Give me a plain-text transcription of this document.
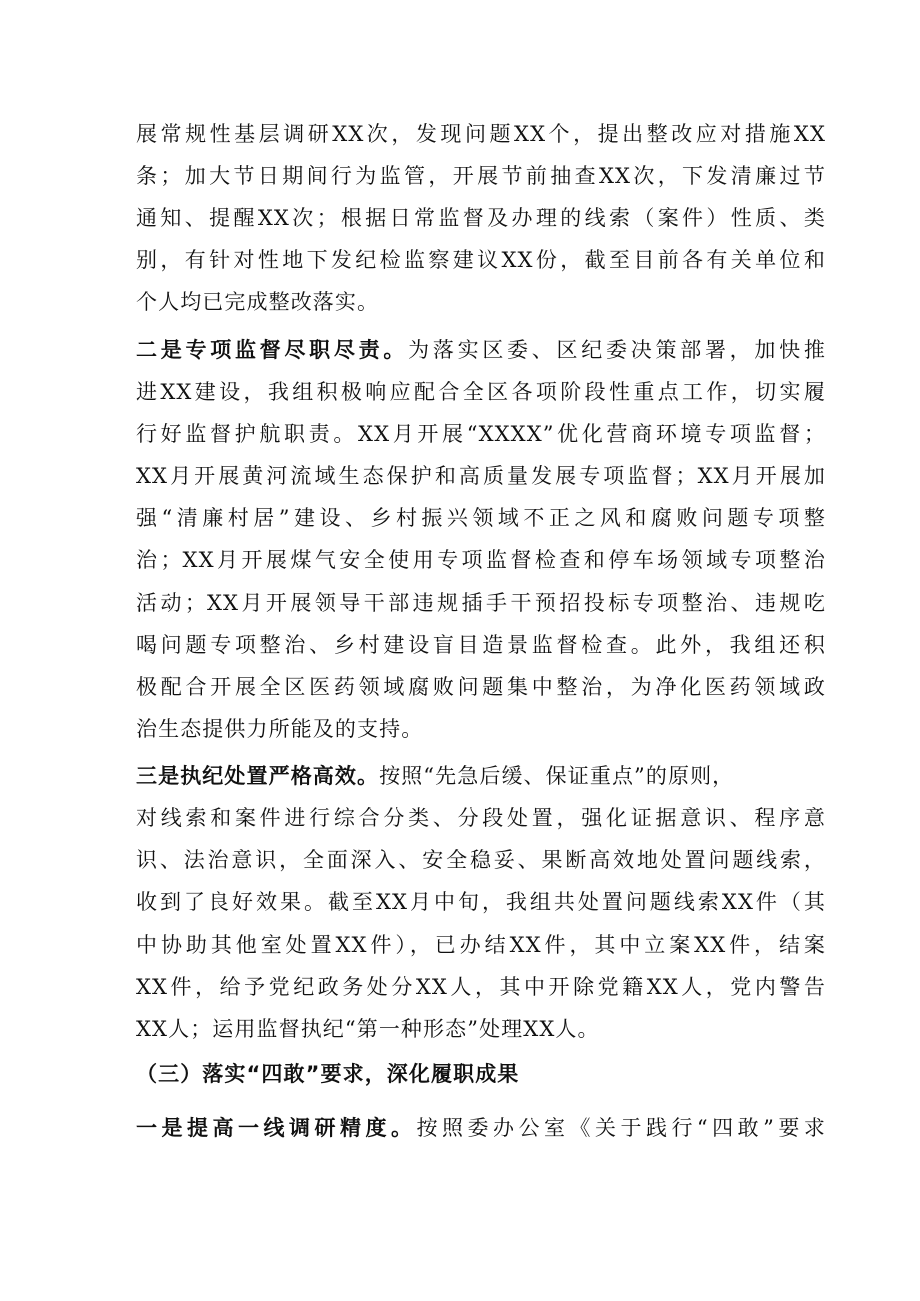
展常规性基层调研XX次，发现问题XX个，提出整改应对措施XX
条；加大节日期间行为监管，开展节前抽查XX次，下发清廉过节
通知、提醒XX次；根据日常监督及办理的线索（案件）性质、类
别，有针对性地下发纪检监察建议XX份，截至目前各有关单位和
个人均已完成整改落实。
二是专项监督尽职尽责。为落实区委、区纪委决策部署，加快推
进XX建设，我组积极响应配合全区各项阶段性重点工作，切实履
行好监督护航职责。XX月开展“XXXX”优化营商环境专项监督；
XX月开展黄河流域生态保护和高质量发展专项监督；XX月开展加
强“清廉村居”建设、乡村振兴领域不正之风和腐败问题专项整
治；XX月开展煤气安全使用专项监督检查和停车场领域专项整治
活动；XX月开展领导干部违规插手干预招投标专项整治、违规吃
喝问题专项整治、乡村建设盲目造景监督检查。此外，我组还积
极配合开展全区医药领域腐败问题集中整治，为净化医药领域政
治生态提供力所能及的支持。
三是执纪处置严格高效。按照“先急后缓、保证重点”的原则，
对线索和案件进行综合分类、分段处置，强化证据意识、程序意
识、法治意识，全面深入、安全稳妥、果断高效地处置问题线索，
收到了良好效果。截至XX月中旬，我组共处置问题线索XX件（其
中协助其他室处置XX件），已办结XX件，其中立案XX件，结案
XX件，给予党纪政务处分XX人，其中开除党籍XX人，党内警告
XX人；运用监督执纪“第一种形态”处理XX人。
（三）落实“四敢”要求，深化履职成果
一是提高一线调研精度。按照委办公室《关于践行“四敢”要求
